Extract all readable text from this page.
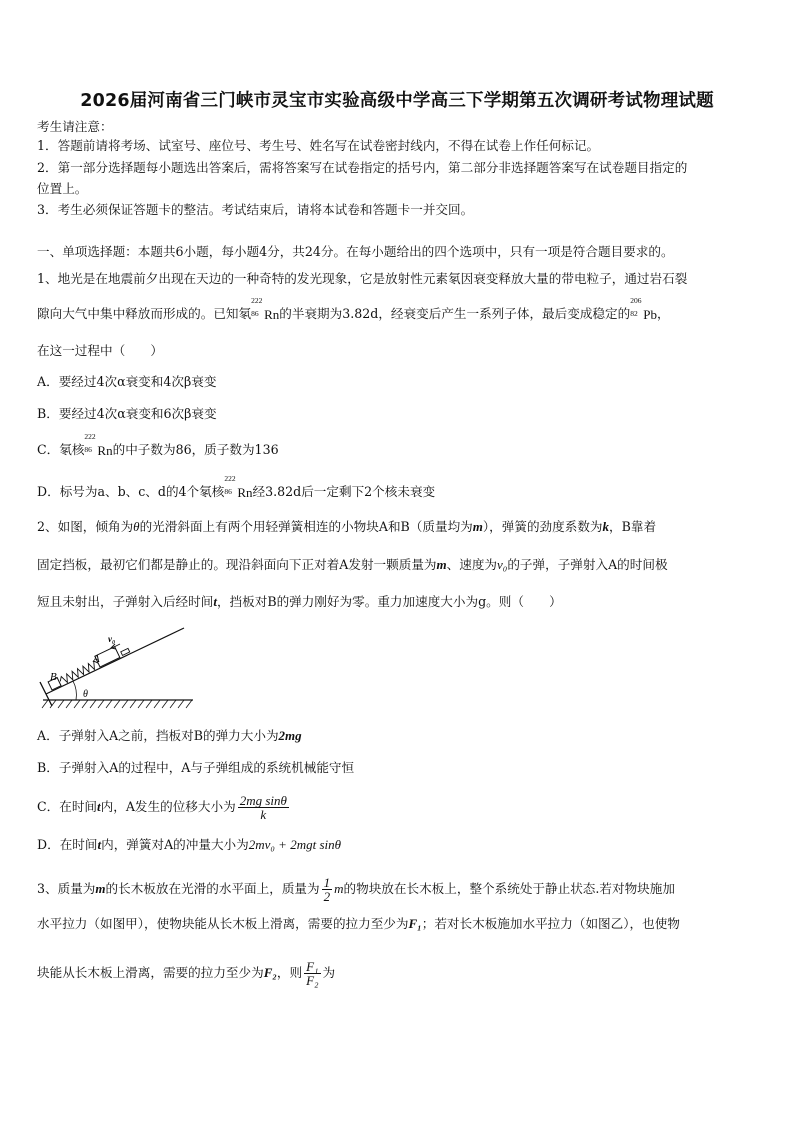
2026届河南省三门峡市灵宝市实验高级中学高三下学期第五次调研考试物理试题
考生请注意：
1．答题前请将考场、试室号、座位号、考生号、姓名写在试卷密封线内，不得在试卷上作任何标记。
2．第一部分选择题每小题选出答案后，需将答案写在试卷指定的括号内，第二部分非选择题答案写在试卷题目指定的
位置上。
3．考生必须保证答题卡的整洁。考试结束后，请将本试卷和答题卡一并交回。
一、单项选择题：本题共6小题，每小题4分，共24分。在每小题给出的四个选项中，只有一项是符合题目要求的。
1、地光是在地震前夕出现在天边的一种奇特的发光现象，它是放射性元素氡因衰变释放大量的带电粒子，通过岩石裂
隙向大气中集中释放而形成的。已知氡
222
86 Rn的半衰期为3.82d，经衰变后产生一系列子体，最后变成稳定的
206
82 Pb，
在这一过程中（　　）
A．要经过4次α衰变和4次β衰变
B．要经过4次α衰变和6次β衰变
C．氡核
222
86 Rn的中子数为86，质子数为136
D．标号为a、b、c、d的4个氡核
222
86 Rn经3.82d后一定剩下2个核未衰变
2、如图，倾角为θ的光滑斜面上有两个用轻弹簧相连的小物块A和B（质量均为m），弹簧的劲度系数为k，B靠着
固定挡板，最初它们都是静止的。现沿斜面向下正对着A发射一颗质量为m、速度为v₀的子弹，子弹射入A的时间极
短且未射出，子弹射入后经时间t，挡板对B的弹力刚好为零。重力加速度大小为g。则（　　）
v₀
A
B
θ
A．子弹射入A之前，挡板对B的弹力大小为2mg
B．子弹射入A的过程中，A与子弹组成的系统机械能守恒
C．在时间t内，A发生的位移大小为 $\frac{\text{2mg sinθ}}{k}$
D．在时间t内，弹簧对A的冲量大小为2mv₀ + 2mgt sinθ
3、质量为m的长木板放在光滑的水平面上，质量为 $\frac{1}{2}$ m的物块放在长木板上，整个系统处于静止状态.若对物块施加
水平拉力（如图甲），使物块能从长木板上滑离，需要的拉力至少为F₁；若对长木板施加水平拉力（如图乙），也使物
块能从长木板上滑离，需要的拉力至少为F₂，则 $\frac{\text{F₁}}{\text{F₂}}$ 为
